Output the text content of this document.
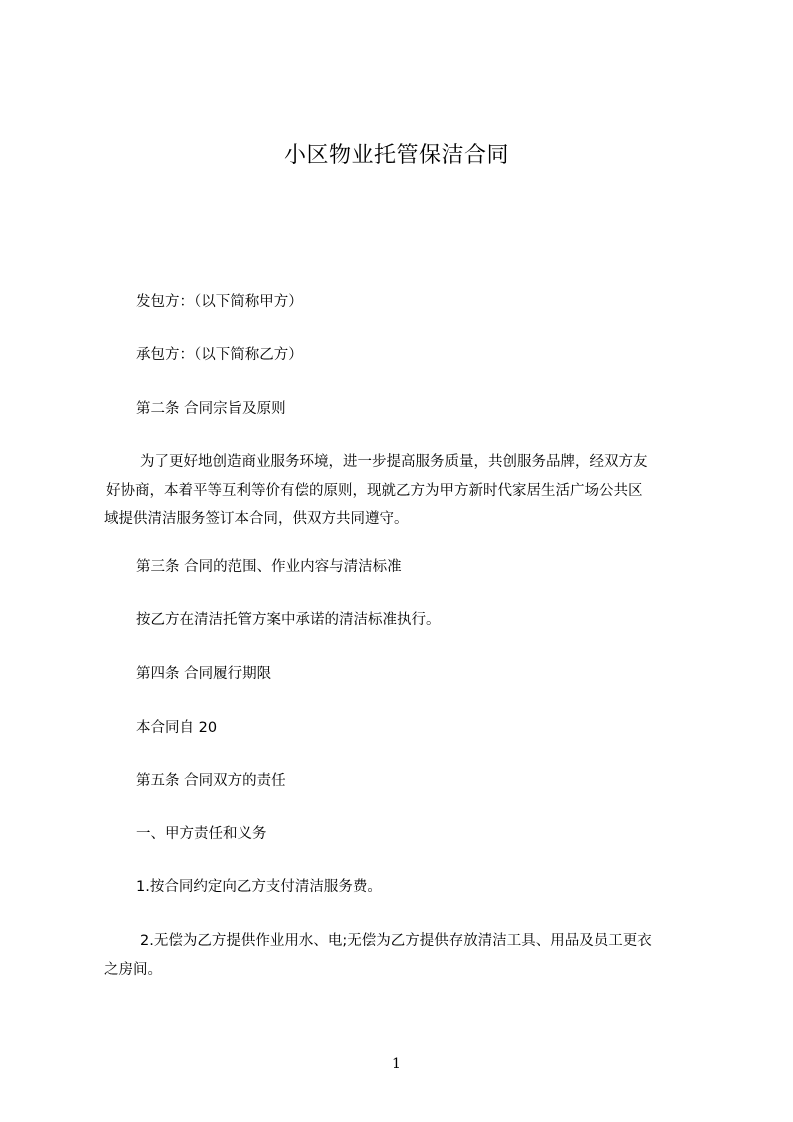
小区物业托管保洁合同
发包方：（以下简称甲方）
承包方：（以下简称乙方）
第二条 合同宗旨及原则
为了更好地创造商业服务环境，进一步提高服务质量，共创服务品牌，经双方友
好协商，本着平等互利等价有偿的原则，现就乙方为甲方新时代家居生活广场公共区
域提供清洁服务签订本合同，供双方共同遵守。
第三条 合同的范围、作业内容与清洁标准
按乙方在清洁托管方案中承诺的清洁标准执行。
第四条 合同履行期限
本合同自 20
第五条 合同双方的责任
一、甲方责任和义务
1.按合同约定向乙方支付清洁服务费。
2.无偿为乙方提供作业用水、电;无偿为乙方提供存放清洁工具、用品及员工更衣
之房间。
1
